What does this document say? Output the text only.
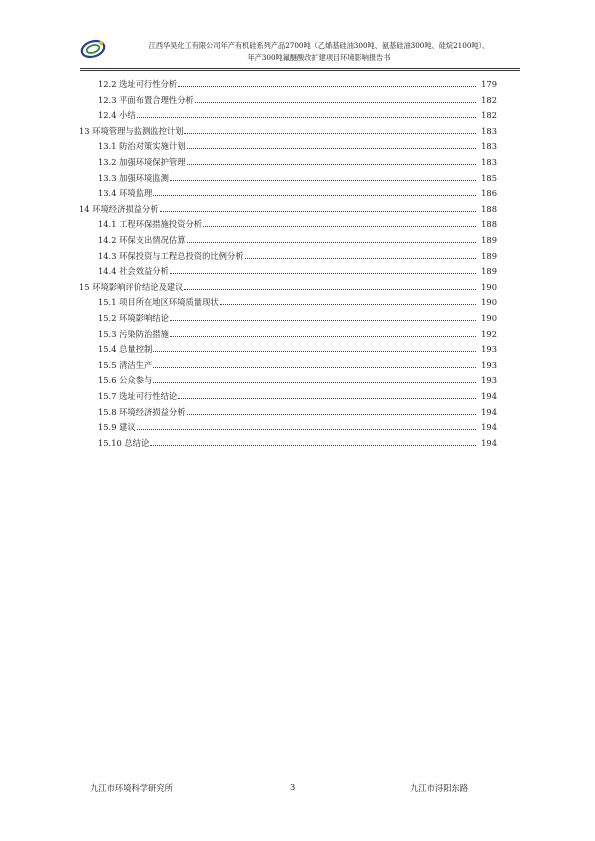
江西华昊化工有限公司年产有机硅系列产品2700吨（乙烯基硅油300吨、氨基硅油300吨、硅烷2100吨）、
年产300吨氟醚酸改扩建项目环境影响报告书
12.2 选址可行性分析	179
12.3 平面布置合理性分析	182
12.4 小结	182
13 环境管理与监测监控计划	183
13.1 防治对策实施计划	183
13.2 加强环境保护管理	183
13.3 加强环境监测	185
13.4 环境监理	186
14 环境经济损益分析	188
14.1 工程环保措施投资分析	188
14.2 环保支出情况估算	189
14.3 环保投资与工程总投资的比例分析	189
14.4 社会效益分析	189
15 环境影响评价结论及建议	190
15.1 项目所在地区环境质量现状	190
15.2 环境影响结论	190
15.3 污染防治措施	192
15.4 总量控制	193
15.5 清洁生产	193
15.6 公众参与	193
15.7 选址可行性结论	194
15.8 环境经济损益分析	194
15.9 建议	194
15.10 总结论	194
九江市环境科学研究所	3	九江市浔阳东路
